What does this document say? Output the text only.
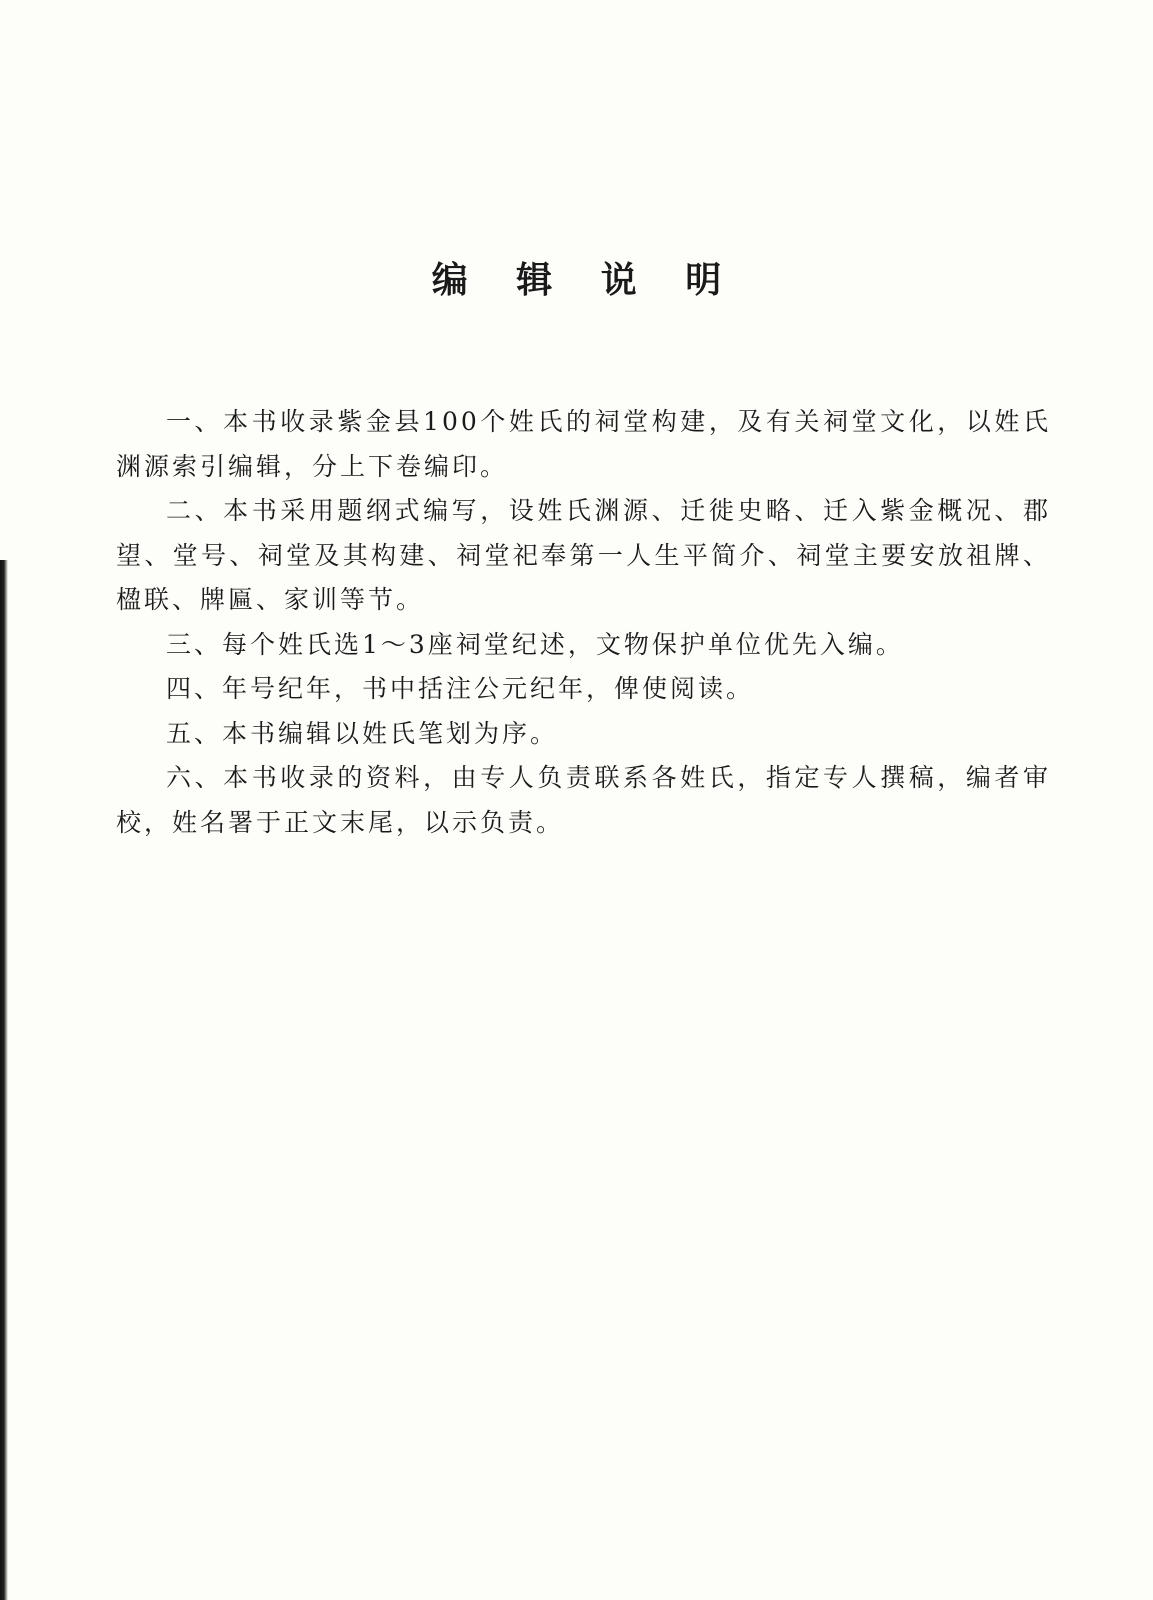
编 辑 说 明

一、本书收录紫金县100个姓氏的祠堂构建，及有关祠堂文化，以姓氏渊源索引编辑，分上下卷编印。

二、本书采用题纲式编写，设姓氏渊源、迁徙史略、迁入紫金概况、郡望、堂号、祠堂及其构建、祠堂祀奉第一人生平简介、祠堂主要安放祖牌、楹联、牌匾、家训等节。

三、每个姓氏选1～3座祠堂纪述，文物保护单位优先入编。

四、年号纪年，书中括注公元纪年，俾使阅读。

五、本书编辑以姓氏笔划为序。

六、本书收录的资料，由专人负责联系各姓氏，指定专人撰稿，编者审校，姓名署于正文末尾，以示负责。
